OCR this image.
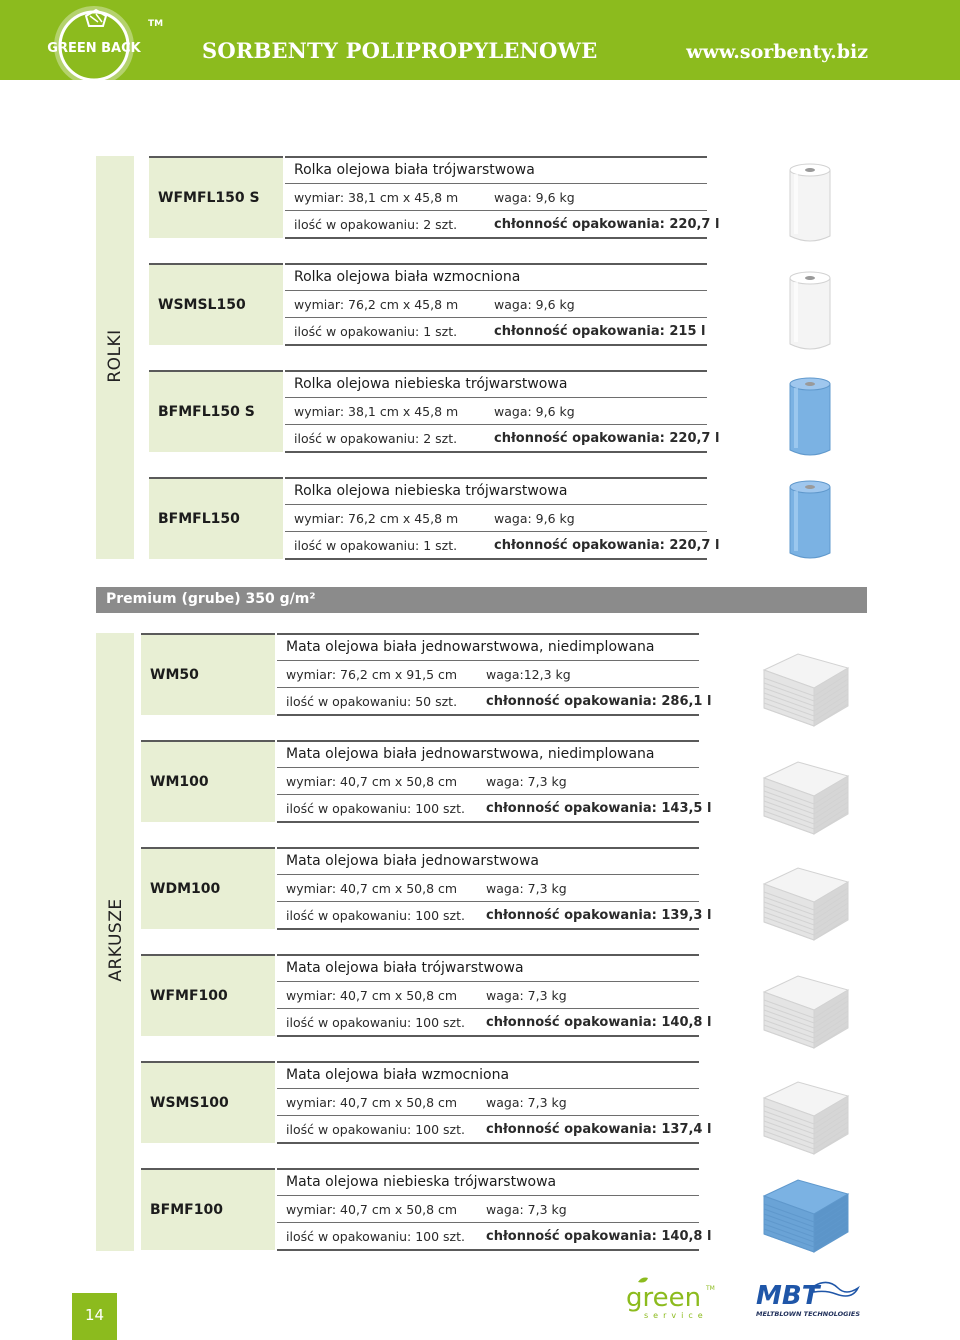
GREEN BACK
TM
SORBENTY POLIPROPYLENOWE	www.sorbenty.biz
ROLKI
WFMFL150 S
Rolka olejowa biała trójwarstwowa
wymiar: 38,1 cm x 45,8 m	waga: 9,6 kg
ilość w opakowaniu: 2 szt.	chłonność opakowania: 220,7 l
WSMSL150
Rolka olejowa biała wzmocniona
wymiar: 76,2 cm x 45,8 m	waga: 9,6 kg
ilość w opakowaniu: 1 szt.	chłonność opakowania: 215 l
BFMFL150 S
Rolka olejowa niebieska trójwarstwowa
wymiar: 38,1 cm x 45,8 m	waga: 9,6 kg
ilość w opakowaniu: 2 szt.	chłonność opakowania: 220,7 l
BFMFL150
Rolka olejowa niebieska trójwarstwowa
wymiar: 76,2 cm x 45,8 m	waga: 9,6 kg
ilość w opakowaniu: 1 szt.	chłonność opakowania: 220,7 l
Premium (grube) 350 g/m²
ARKUSZE
WM50
Mata olejowa biała jednowarstwowa, niedimplowana
wymiar: 76,2 cm x 91,5 cm waga:12,3 kg
ilość w opakowaniu: 50 szt. chłonność opakowania: 286,1 l
WM100
Mata olejowa biała jednowarstwowa, niedimplowana
wymiar: 40,7 cm x 50,8 cm waga: 7,3 kg
ilość w opakowaniu: 100 szt. chłonność opakowania: 143,5 l
WDM100
Mata olejowa biała jednowarstwowa
wymiar: 40,7 cm x 50,8 cm waga: 7,3 kg
ilość w opakowaniu: 100 szt. chłonność opakowania: 139,3 l
WFMF100
Mata olejowa biała trójwarstwowa
wymiar: 40,7 cm x 50,8 cm waga: 7,3 kg
ilość w opakowaniu: 100 szt. chłonność opakowania: 140,8 l
WSMS100
Mata olejowa biała wzmocniona
wymiar: 40,7 cm x 50,8 cm waga: 7,3 kg
ilość w opakowaniu: 100 szt. chłonność opakowania: 137,4 l
BFMF100
Mata olejowa niebieska trójwarstwowa
wymiar: 40,7 cm x 50,8 cm waga: 7,3 kg
ilość w opakowaniu: 100 szt. chłonność opakowania: 140,8 l
14
green TM
service
MBT
MELTBLOWN TECHNOLOGIES
